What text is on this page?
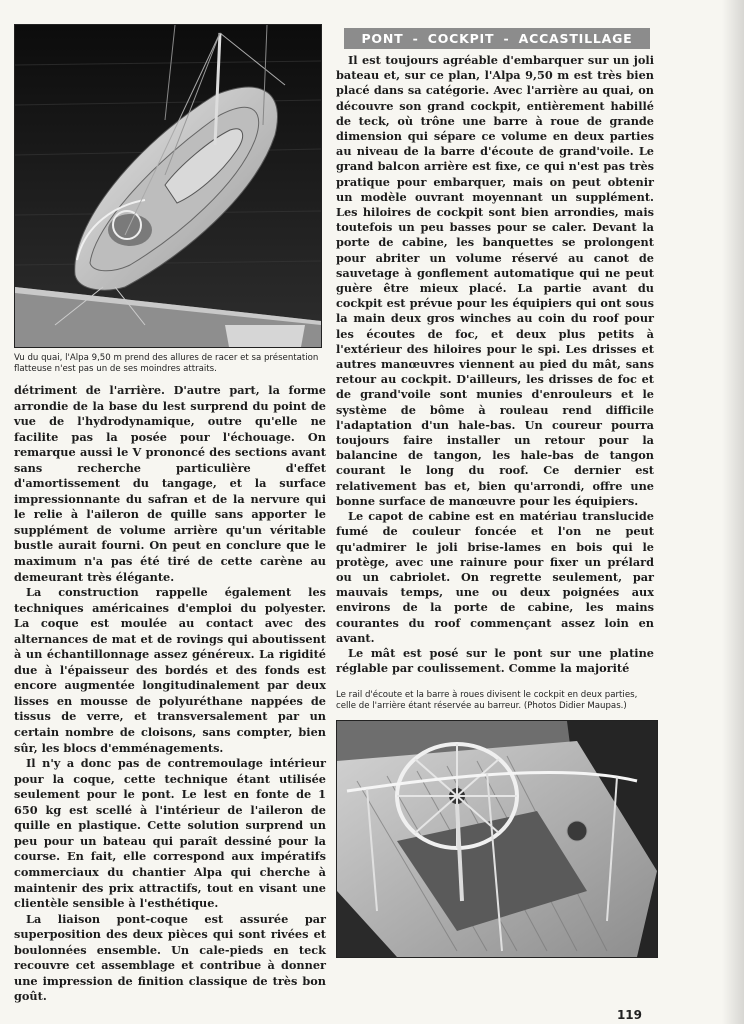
Vu du quai, l'Alpa 9,50 m prend des allures de racer et sa présentation flatteuse n'est pas un de ses moindres attraits.

détriment de l'arrière. D'autre part, la forme arrondie de la base du lest surprend du point de vue de l'hydrodynamique, outre qu'elle ne facilite pas la posée pour l'échouage. On remarque aussi le V prononcé des sections avant sans recherche particulière d'effet d'amortissement du tangage, et la surface impressionnante du safran et de la nervure qui le relie à l'aileron de quille sans apporter le supplément de volume arrière qu'un véritable bustle aurait fourni. On peut en conclure que le maximum n'a pas été tiré de cette carène au demeurant très élégante.

La construction rappelle également les techniques américaines d'emploi du polyester. La coque est moulée au contact avec des alternances de mat et de rovings qui aboutissent à un échantillonnage assez généreux. La rigidité due à l'épaisseur des bordés et des fonds est encore augmentée longitudinalement par deux lisses en mousse de polyuréthane nappées de tissus de verre, et transversalement par un certain nombre de cloisons, sans compter, bien sûr, les blocs d'emménagements.

Il n'y a donc pas de contremoulage intérieur pour la coque, cette technique étant utilisée seulement pour le pont. Le lest en fonte de 1 650 kg est scellé à l'intérieur de l'aileron de quille en plastique. Cette solution surprend un peu pour un bateau qui paraît dessiné pour la course. En fait, elle correspond aux impératifs commerciaux du chantier Alpa qui cherche à maintenir des prix attractifs, tout en visant une clientèle sensible à l'esthétique.

La liaison pont-coque est assurée par superposition des deux pièces qui sont rivées et boulonnées ensemble. Un cale-pieds en teck recouvre cet assemblage et contribue à donner une impression de finition classique de très bon goût.

PONT - COCKPIT - ACCASTILLAGE

Il est toujours agréable d'embarquer sur un joli bateau et, sur ce plan, l'Alpa 9,50 m est très bien placé dans sa catégorie. Avec l'arrière au quai, on découvre son grand cockpit, entièrement habillé de teck, où trône une barre à roue de grande dimension qui sépare ce volume en deux parties au niveau de la barre d'écoute de grand'voile. Le grand balcon arrière est fixe, ce qui n'est pas très pratique pour embarquer, mais on peut obtenir un modèle ouvrant moyennant un supplément. Les hiloires de cockpit sont bien arrondies, mais toutefois un peu basses pour se caler. Devant la porte de cabine, les banquettes se prolongent pour abriter un volume réservé au canot de sauvetage à gonflement automatique qui ne peut guère être mieux placé. La partie avant du cockpit est prévue pour les équipiers qui ont sous la main deux gros winches au coin du roof pour les écoutes de foc, et deux plus petits à l'extérieur des hiloires pour le spi. Les drisses et autres manœuvres viennent au pied du mât, sans retour au cockpit. D'ailleurs, les drisses de foc et de grand'voile sont munies d'enrouleurs et le système de bôme à rouleau rend difficile l'adaptation d'un hale-bas. Un coureur pourra toujours faire installer un retour pour la balancine de tangon, les hale-bas de tangon courant le long du roof. Ce dernier est relativement bas et, bien qu'arrondi, offre une bonne surface de manœuvre pour les équipiers.

Le capot de cabine est en matériau translucide fumé de couleur foncée et l'on ne peut qu'admirer le joli brise-lames en bois qui le protège, avec une rainure pour fixer un prélard ou un cabriolet. On regrette seulement, par mauvais temps, une ou deux poignées aux environs de la porte de cabine, les mains courantes du roof commençant assez loin en avant.

Le mât est posé sur le pont sur une platine réglable par coulissement. Comme la majorité

Le rail d'écoute et la barre à roues divisent le cockpit en deux parties, celle de l'arrière étant réservée au barreur. (Photos Didier Maupas.)
119
